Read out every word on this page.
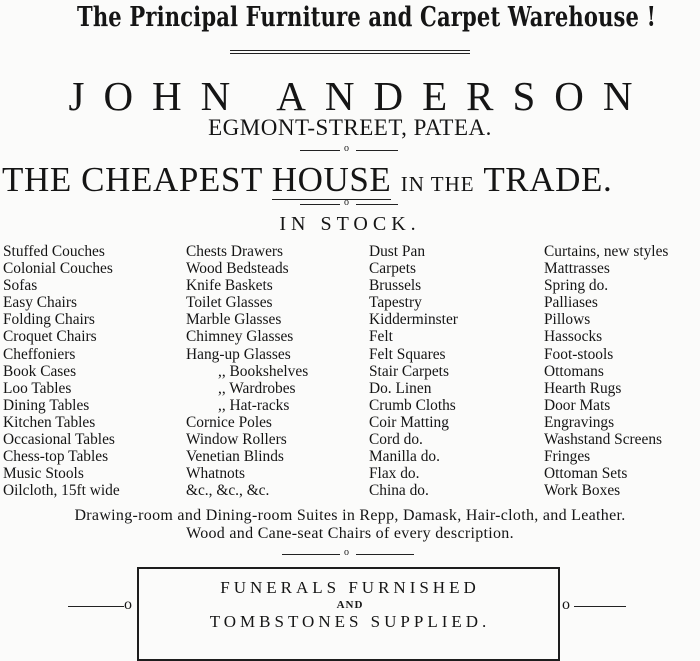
The Principal Furniture and Carpet Warehouse !
JOHN ANDERSON
EGMONT-STREET, PATEA.
o
THE CHEAPEST HOUSE IN THE TRADE.
o
IN STOCK.
Stuffed Couches
Colonial Couches
Sofas
Easy Chairs
Folding Chairs
Croquet Chairs
Cheffoniers
Book Cases
Loo Tables
Dining Tables
Kitchen Tables
Occasional Tables
Chess-top Tables
Music Stools
Oilcloth, 15ft wide
Chests Drawers
Wood Bedsteads
Knife Baskets
Toilet Glasses
Marble Glasses
Chimney Glasses
Hang-up Glasses
,, Bookshelves
,, Wardrobes
,, Hat-racks
Cornice Poles
Window Rollers
Venetian Blinds
Whatnots
&c., &c., &c.
Dust Pan
Carpets
Brussels
Tapestry
Kidderminster
Felt
Felt Squares
Stair Carpets
Do. Linen
Crumb Cloths
Coir Matting
Cord do.
Manilla do.
Flax do.
China do.
Curtains, new styles
Mattrasses
Spring do.
Palliases
Pillows
Hassocks
Foot-stools
Ottomans
Hearth Rugs
Door Mats
Engravings
Washstand Screens
Fringes
Ottoman Sets
Work Boxes
Drawing-room and Dining-room Suites in Repp, Damask, Hair-cloth, and Leather.
Wood and Cane-seat Chairs of every description.
o
FUNERALS FURNISHED
AND
TOMBSTONES SUPPLIED.
o	o
